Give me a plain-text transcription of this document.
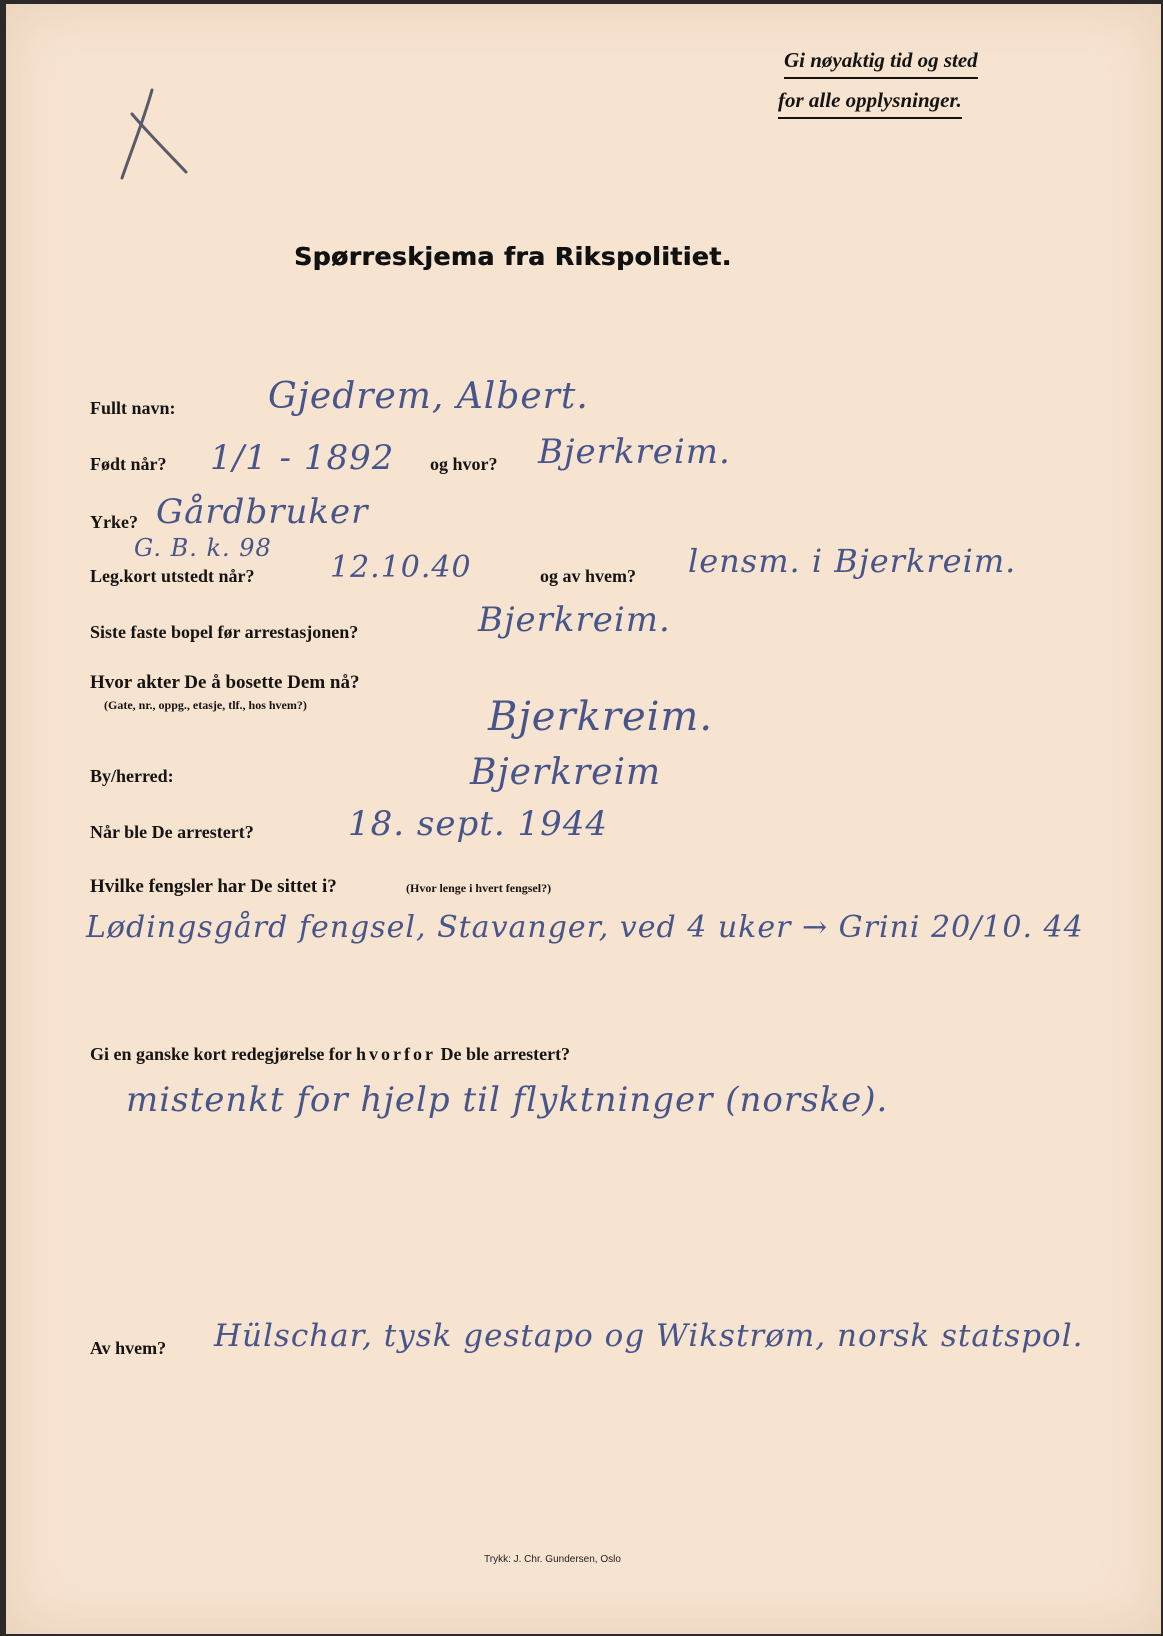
Gi nøyaktig tid og sted
for alle opplysninger.
Spørreskjema fra Rikspolitiet.
Fullt navn:	Gjedrem, Albert.
Født når? 1/1 - 1892 og hvor? Bjerkreim.
Yrke? Gårdbruker
G. B. k. 98
Leg.kort utstedt når?	12.10.40	og av hvem? lensm. i Bjerkreim.
Siste faste bopel før arrestasjonen?	Bjerkreim.
Hvor akter De å bosette Dem nå?
(Gate, nr., oppg., etasje, tlf., hos hvem?)	Bjerkreim.
By/herred:	Bjerkreim
Når ble De arrestert?	18. sept. 1944
Hvilke fengsler har De sittet i?	(Hvor lenge i hvert fengsel?)
Lødingsgård fengsel, Stavanger, ved 4 uker → Grini 20/10. 44
Gi en ganske kort redegjørelse for hvorfor De ble arrestert?
mistenkt for hjelp til flyktninger (norske).
Av hvem? Hülschar, tysk gestapo og Wikstrøm, norsk statspol.
Trykk: J. Chr. Gundersen, Oslo
